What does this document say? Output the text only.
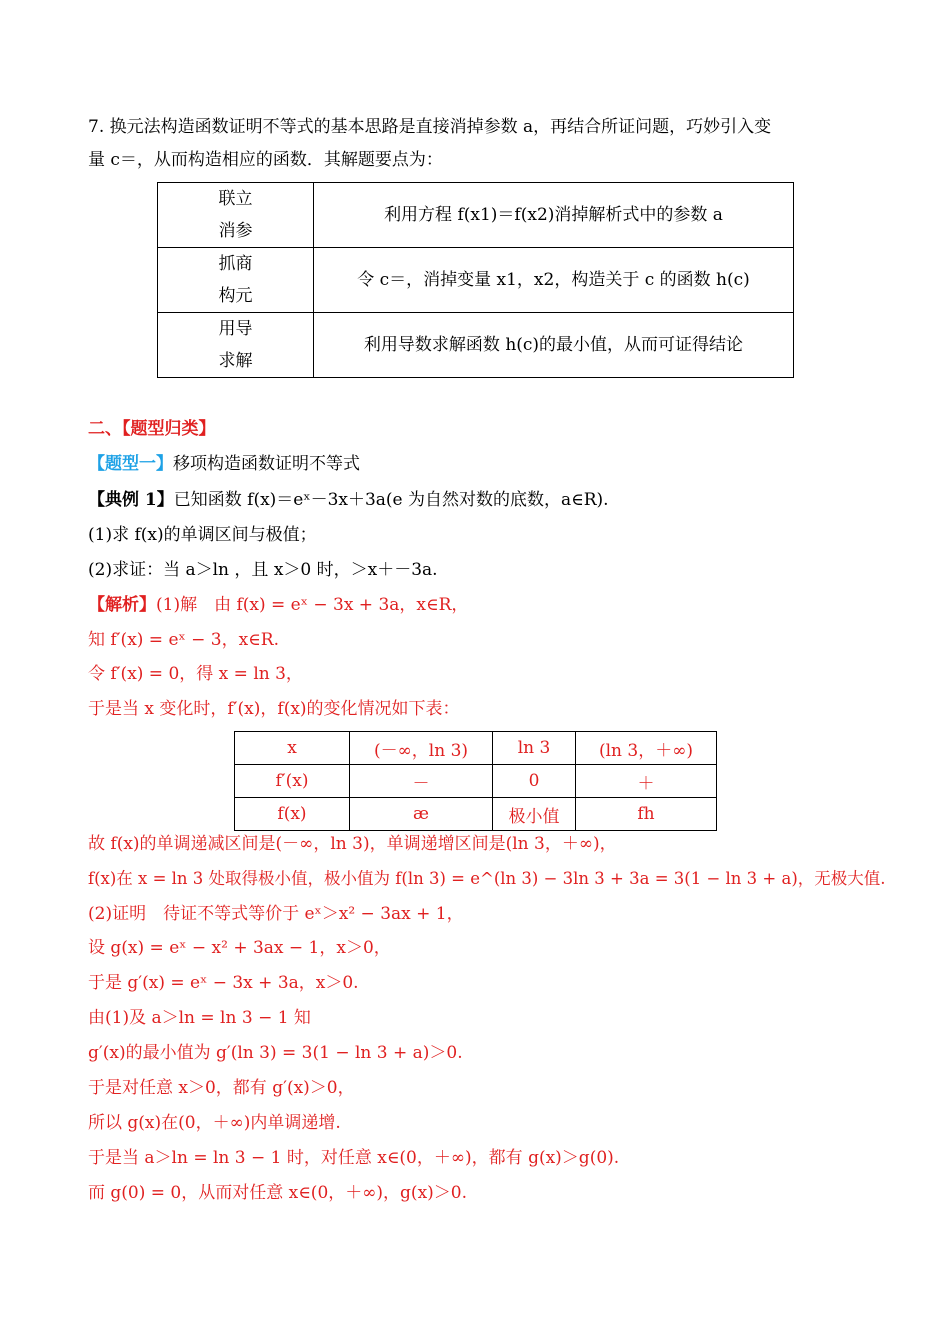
7. 换元法构造函数证明不等式的基本思路是直接消掉参数 a，再结合所证问题，巧妙引入变
量 c＝，从而构造相应的函数．其解题要点为：
联立
消参	利用方程 f(x1)＝f(x2)消掉解析式中的参数 a

抓商
构元	令 c＝，消掉变量 x1，x2，构造关于 c 的函数 h(c)

用导
求解	利用导数求解函数 h(c)的最小值，从而可证得结论
二、【题型归类】
【题型一】移项构造函数证明不等式
【典例 1】已知函数 f(x)＝eˣ－3x＋3a(e 为自然对数的底数，a∈R).
(1)求 f(x)的单调区间与极值；
(2)求证：当 a＞ln ，且 x＞0 时，＞x＋－3a.
【解析】(1)解　由 f(x) = eˣ − 3x + 3a，x∈R，
知 f′(x) = eˣ − 3，x∈R.
令 f′(x) = 0，得 x = ln 3，
于是当 x 变化时，f′(x)，f(x)的变化情况如下表：
x	(－∞，ln 3)	ln 3	(ln 3，＋∞)
f′(x)	－	0	＋
f(x)	æ	极小值	fh
故 f(x)的单调递减区间是(－∞，ln 3)，单调递增区间是(ln 3，＋∞)，
f(x)在 x = ln 3 处取得极小值，极小值为 f(ln 3) = e^(ln 3) − 3ln 3 + 3a = 3(1 − ln 3 + a)，无极大值.
(2)证明　待证不等式等价于 eˣ＞x² − 3ax + 1，
设 g(x) = eˣ − x² + 3ax − 1，x＞0，
于是 g′(x) = eˣ − 3x + 3a，x＞0.
由(1)及 a＞ln = ln 3 − 1 知
g′(x)的最小值为 g′(ln 3) = 3(1 − ln 3 + a)＞0.
于是对任意 x＞0，都有 g′(x)＞0，
所以 g(x)在(0，＋∞)内单调递增.
于是当 a＞ln = ln 3 − 1 时，对任意 x∈(0，＋∞)，都有 g(x)＞g(0).
而 g(0) = 0，从而对任意 x∈(0，＋∞)，g(x)＞0.
